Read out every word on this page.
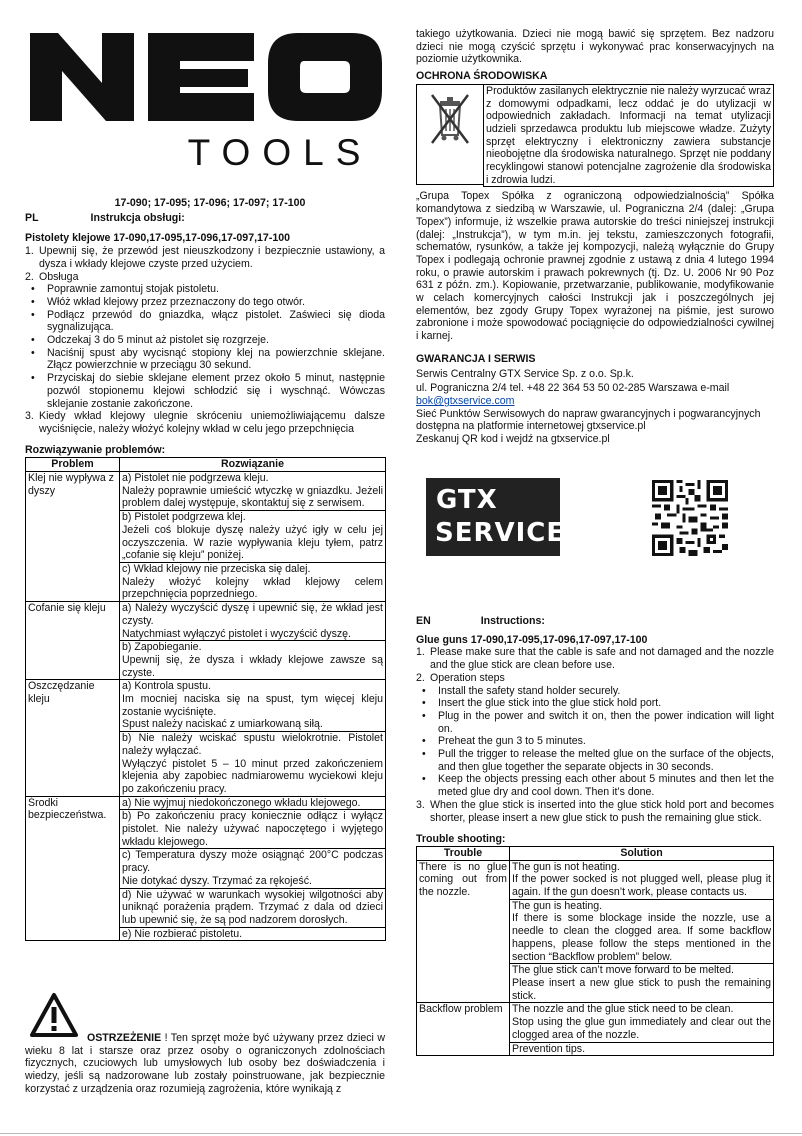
TOOLS

17-090; 17-095; 17-096; 17-097; 17-100

PL	Instrukcja obsługi:

Pistolety klejowe 17-090,17-095,17-096,17-097,17-100

1. Upewnij się, że przewód jest nieuszkodzony i bezpiecznie ustawiony, a dysza i wkłady klejowe czyste przed użyciem.
2. Obsługa
• Poprawnie zamontuj stojak pistoletu.
• Włóż wkład klejowy przez przeznaczony do tego otwór.
• Podłącz przewód do gniazdka, włącz pistolet. Zaświeci się dioda sygnalizująca.
• Odczekaj 3 do 5 minut aż pistolet się rozgrzeje.
• Naciśnij spust aby wycisnąć stopiony klej na powierzchnie sklejane. Złącz powierzchnie w przeciągu 30 sekund.
• Przyciskaj do siebie sklejane element przez około 5 minut, następnie pozwól stopionemu klejowi schłodzić się i wyschnąć. Wówczas sklejanie zostanie zakończone.
3. Kiedy wkład klejowy ulegnie skróceniu uniemożliwiającemu dalsze wyciśnięcie, należy włożyć kolejny wkład w celu jego przepchnięcia

Rozwiązywanie problemów:

Problem	Rozwiązanie
Klej nie wypływa z dyszy	a) Pistolet nie podgrzewa kleju.
Należy poprawnie umieścić wtyczkę w gniazdku. Jeżeli problem dalej występuje, skontaktuj się z serwisem.

	b) Pistolet podgrzewa klej.
Jeżeli coś blokuje dyszę należy użyć igły w celu jej oczyszczenia. W razie wypływania kleju tyłem, patrz „cofanie się kleju” poniżej.

	c) Wkład klejowy nie przeciska się dalej.
Należy włożyć kolejny wkład klejowy celem przepchnięcia poprzedniego.

Cofanie się kleju	a) Należy wyczyścić dyszę i upewnić się, że wkład jest czysty.
Natychmiast wyłączyć pistolet i wyczyścić dyszę.

	b) Zapobieganie.
Upewnij się, że dysza i wkłady klejowe zawsze są czyste.

Oszczędzanie kleju	a) Kontrola spustu.
Im mocniej naciska się na spust, tym więcej kleju zostanie wyciśnięte.
Spust należy naciskać z umiarkowaną siłą.

	b) Nie należy wciskać spustu wielokrotnie. Pistolet należy wyłączać.
Wyłączyć pistolet 5 – 10 minut przed zakończeniem klejenia aby zapobiec nadmiarowemu wyciekowi kleju po zakończeniu pracy.

Środki bezpieczeństwa.	a) Nie wyjmuj niedokończonego wkładu klejowego.

	b) Po zakończeniu pracy koniecznie odłącz i wyłącz pistolet. Nie należy używać napoczętego i wyjętego wkładu klejowego.

	c) Temperatura dyszy może osiągnąć 200°C podczas pracy.
Nie dotykać dyszy. Trzymać za rękojeść.

	d) Nie używać w warunkach wysokiej wilgotności aby uniknąć porażenia prądem. Trzymać z dala od dzieci lub upewnić się, że są pod nadzorem dorosłych.

	e) Nie rozbierać pistoletu.
OSTRZEŻENIE ! Ten sprzęt może być używany przez dzieci w wieku 8 lat i starsze oraz przez osoby o ograniczonych zdolnościach fizycznych, czuciowych lub umysłowych lub osoby bez doświadczenia i wiedzy, jeśli są nadzorowane lub zostały poinstruowane, jak bezpiecznie korzystać z urządzenia oraz rozumieją zagrożenia, które wynikają z

takiego użytkowania. Dzieci nie mogą bawić się sprzętem. Bez nadzoru dzieci nie mogą czyścić sprzętu i wykonywać prac konserwacyjnych na poziomie użytkownika.

OCHRONA ŚRODOWISKA

Produktów zasilanych elektrycznie nie należy wyrzucać wraz z domowymi odpadkami, lecz oddać je do utylizacji w odpowiednich zakładach. Informacji na temat utylizacji udzieli sprzedawca produktu lub miejscowe władze. Zużyty sprzęt elektryczny i elektroniczny zawiera substancje nieobojętne dla środowiska naturalnego. Sprzęt nie poddany recyklingowi stanowi potencjalne zagrożenie dla środowiska i zdrowia ludzi.

„Grupa Topex Spółka z ograniczoną odpowiedzialnością” Spółka komandytowa z siedzibą w Warszawie, ul. Pograniczna 2/4 (dalej: „Grupa Topex”) informuje, iż wszelkie prawa autorskie do treści niniejszej instrukcji (dalej: „Instrukcja”), w tym m.in. jej tekstu, zamieszczonych fotografii, schematów, rysunków, a także jej kompozycji, należą wyłącznie do Grupy Topex i podlegają ochronie prawnej zgodnie z ustawą z dnia 4 lutego 1994 roku, o prawie autorskim i prawach pokrewnych (tj. Dz. U. 2006 Nr 90 Poz 631 z późn. zm.). Kopiowanie, przetwarzanie, publikowanie, modyfikowanie w celach komercyjnych całości Instrukcji jak i poszczególnych jej elementów, bez zgody Grupy Topex wyrażonej na piśmie, jest surowo zabronione i może spowodować pociągnięcie do odpowiedzialności cywilnej i karnej.

GWARANCJA I SERWIS

Serwis Centralny GTX Service Sp. z o.o. Sp.k.

ul. Pograniczna 2/4 tel. +48 22 364 53 50 02-285 Warszawa e-mail

bok@gtxservice.com

Sieć Punktów Serwisowych do napraw gwarancyjnych i pogwarancyjnych dostępna na platformie internetowej gtxservice.pl

Zeskanuj QR kod i wejdź na gtxservice.pl

GTX
SERVICE

EN	Instructions:

Glue guns 17-090,17-095,17-096,17-097,17-100

1. Please make sure that the cable is safe and not damaged and the nozzle and the glue stick are clean before use.
2. Operation steps
• Install the safety stand holder securely.
• Insert the glue stick into the glue stick hold port.
• Plug in the power and switch it on, then the power indication will light on.
• Preheat the gun 3 to 5 minutes.
• Pull the trigger to release the melted glue on the surface of the objects, and then glue together the separate objects in 30 seconds.
• Keep the objects pressing each other about 5 minutes and then let the meted glue dry and cool down. Then it’s done.
3. When the glue stick is inserted into the glue stick hold port and becomes shorter, please insert a new glue stick to push the remaining glue stick.

Trouble shooting:

Trouble	Solution
There is no glue coming out from the nozzle.	The gun is not heating.
If the power socked is not plugged well, please plug it again. If the gun doesn’t work, please contacts us.

	The gun is heating.
If there is some blockage inside the nozzle, use a needle to clean the clogged area. If some backflow happens, please follow the steps mentioned in the section “Backflow problem” below.

	The glue stick can’t move forward to be melted.
Please insert a new glue stick to push the remaining stick.

Backflow problem	The nozzle and the glue stick need to be clean.
Stop using the glue gun immediately and clear out the clogged area of the nozzle.

	Prevention tips.
